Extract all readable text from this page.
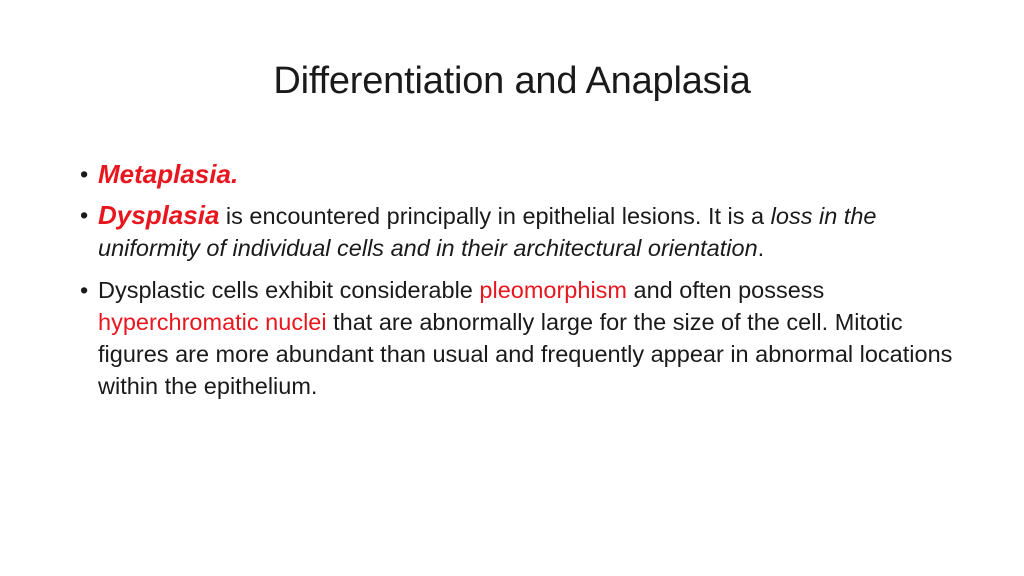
Differentiation and Anaplasia
• Metaplasia.
• Dysplasia is encountered principally in epithelial lesions. It is a loss in the uniformity of individual cells and in their architectural orientation.
• Dysplastic cells exhibit considerable pleomorphism and often possess hyperchromatic nuclei that are abnormally large for the size of the cell. Mitotic figures are more abundant than usual and frequently appear in abnormal locations within the epithelium.
